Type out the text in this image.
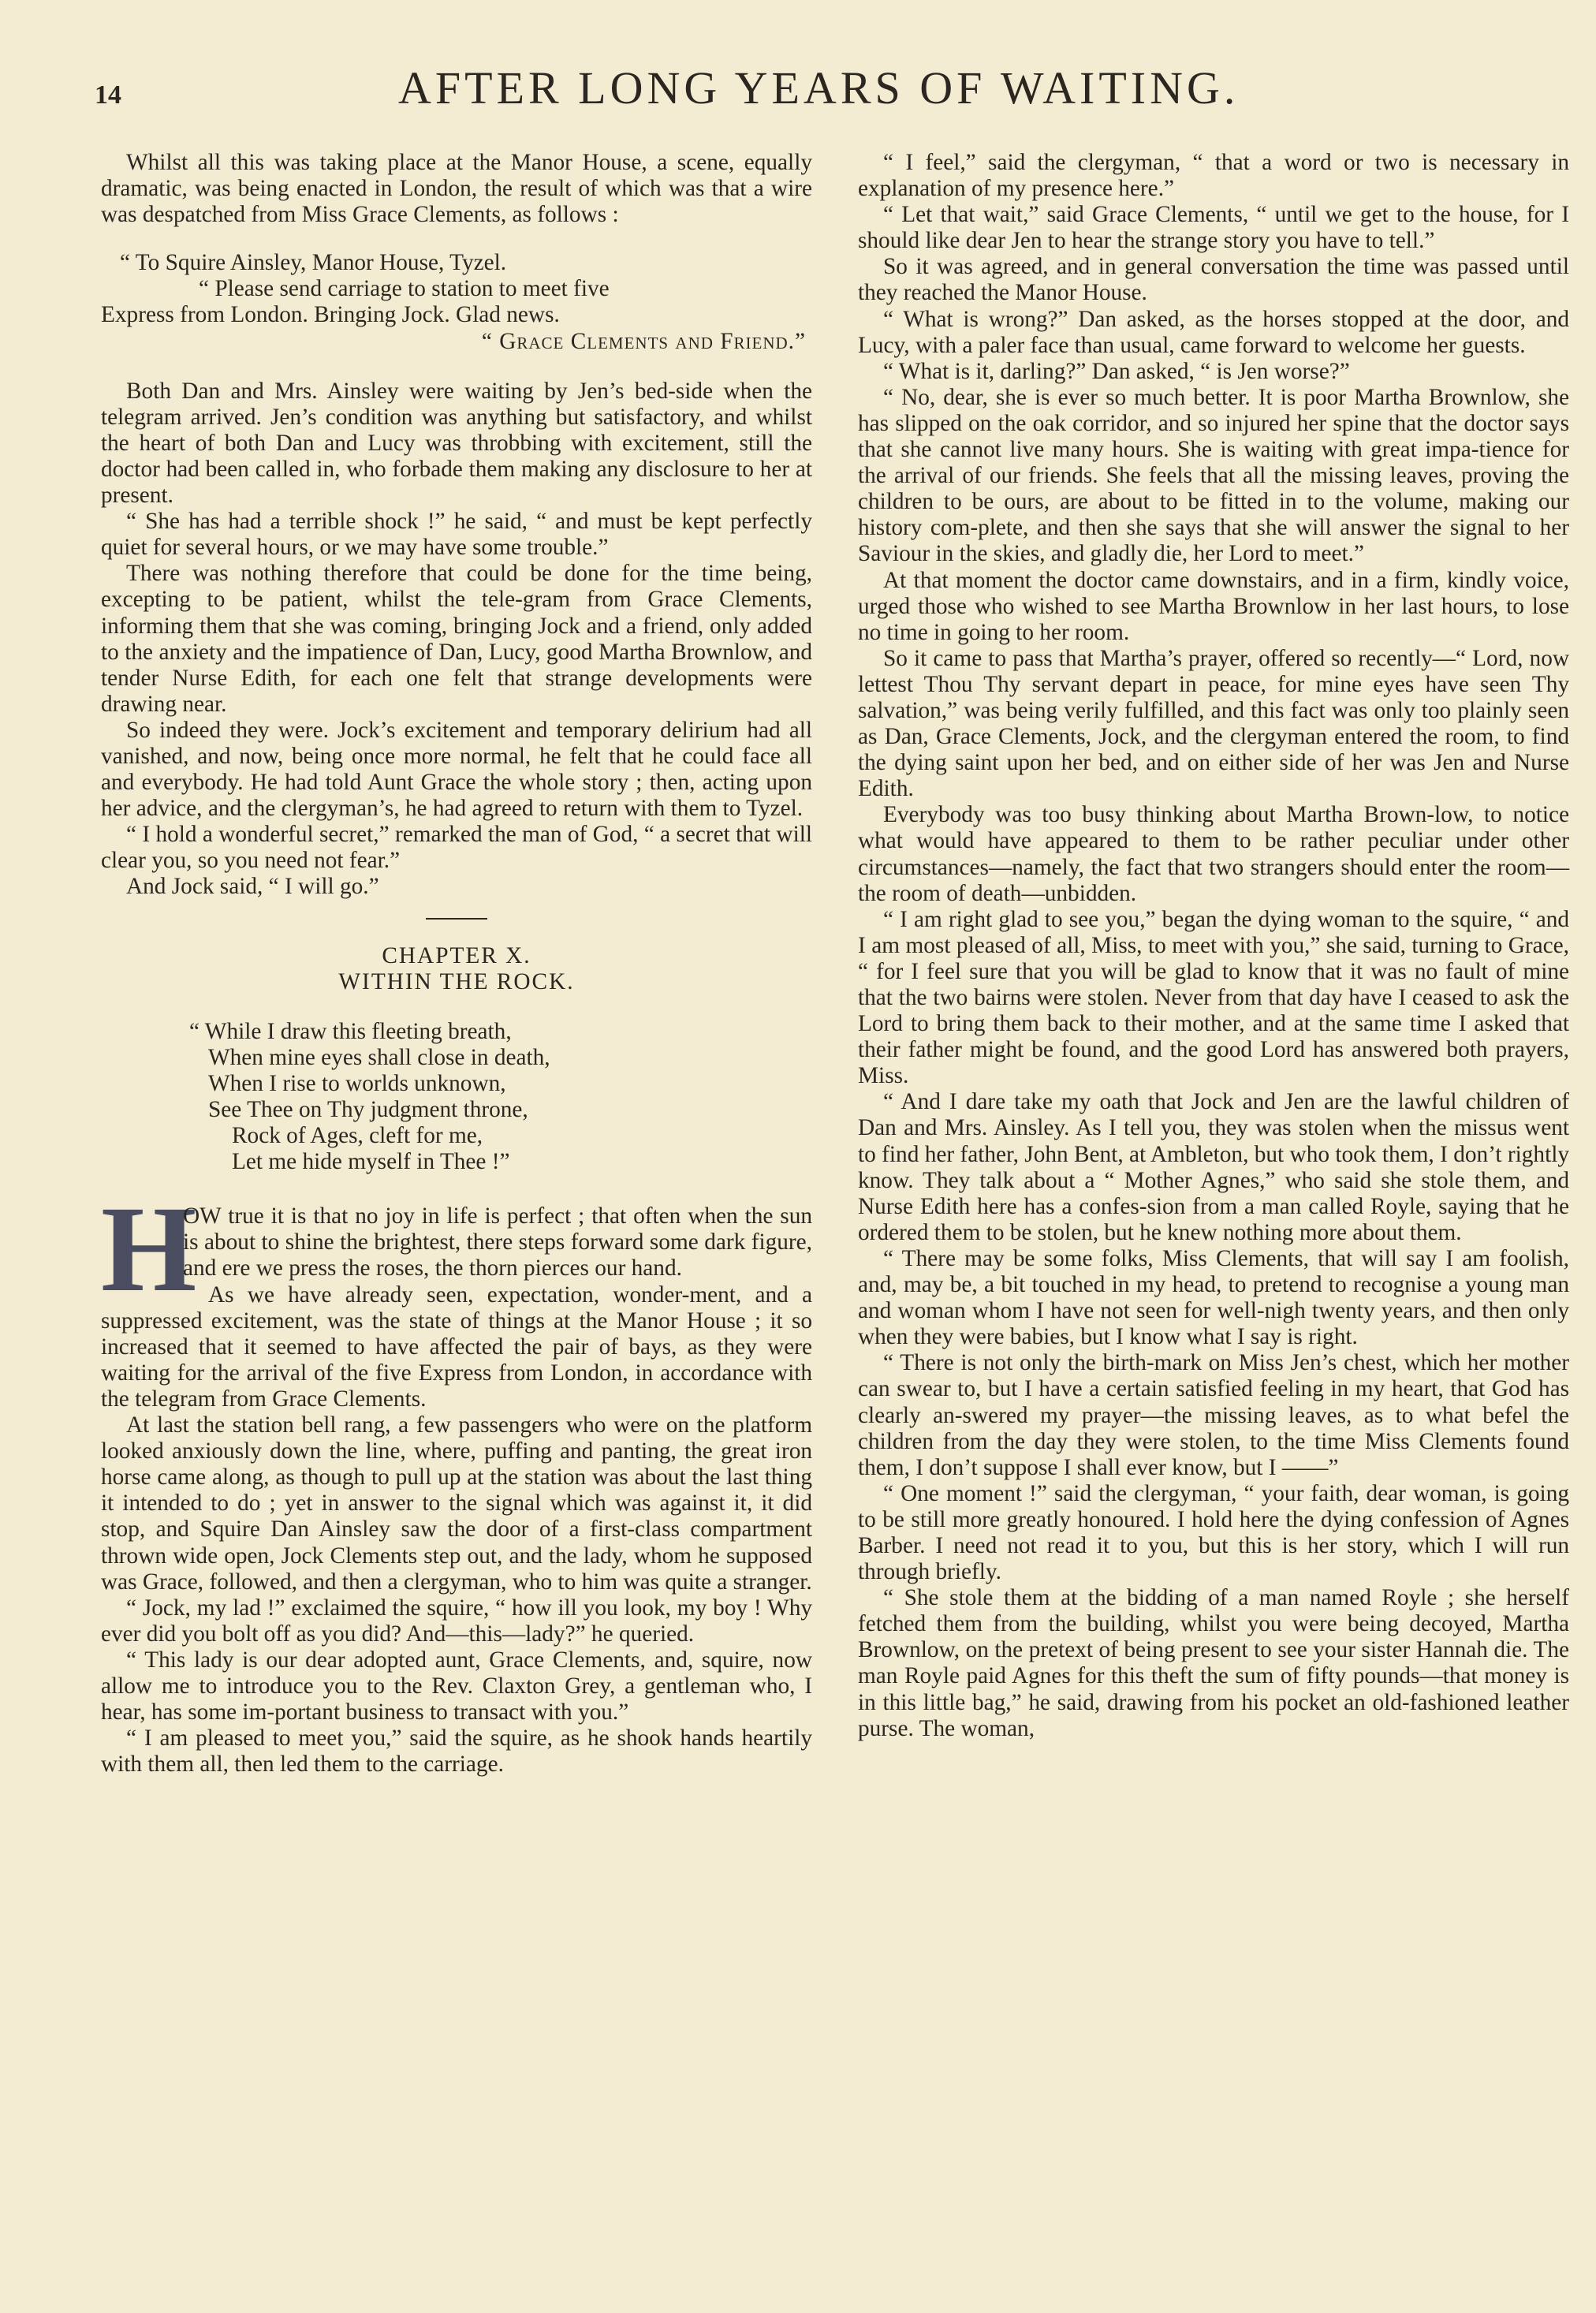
14	AFTER LONG YEARS OF WAITING.

Whilst all this was taking place at the Manor House, a scene, equally dramatic, was being enacted in London, the result of which was that a wire was despatched from Miss Grace Clements, as follows :

“ To Squire Ainsley, Manor House, Tyzel.
“ Please send carriage to station to meet five
Express from London. Bringing Jock. Glad news.
“ Grace Clements and Friend.”

Both Dan and Mrs. Ainsley were waiting by Jen’s bed-side when the telegram arrived. Jen’s condition was anything but satisfactory, and whilst the heart of both Dan and Lucy was throbbing with excitement, still the doctor had been called in, who forbade them making any disclosure to her at present.

“ She has had a terrible shock !” he said, “ and must be kept perfectly quiet for several hours, or we may have some trouble.”

There was nothing therefore that could be done for the time being, excepting to be patient, whilst the tele-gram from Grace Clements, informing them that she was coming, bringing Jock and a friend, only added to the anxiety and the impatience of Dan, Lucy, good Martha Brownlow, and tender Nurse Edith, for each one felt that strange developments were drawing near.

So indeed they were. Jock’s excitement and temporary delirium had all vanished, and now, being once more normal, he felt that he could face all and everybody. He had told Aunt Grace the whole story ; then, acting upon her advice, and the clergyman’s, he had agreed to return with them to Tyzel.

“ I hold a wonderful secret,” remarked the man of God, “ a secret that will clear you, so you need not fear.”

And Jock said, “ I will go.”

CHAPTER X.
WITHIN THE ROCK.
“ While I draw this fleeting breath,
When mine eyes shall close in death,
When I rise to worlds unknown,
See Thee on Thy judgment throne,
Rock of Ages, cleft for me,
Let me hide myself in Thee !”
H

OW true it is that no joy in life is perfect ; that often when the sun is about to shine the brightest, there steps forward some dark figure, and ere we press the roses, the thorn pierces our hand.

As we have already seen, expectation, wonder-ment, and a suppressed excitement, was the state of things at the Manor House ; it so increased that it seemed to have affected the pair of bays, as they were waiting for the arrival of the five Express from London, in accordance with the telegram from Grace Clements.

At last the station bell rang, a few passengers who were on the platform looked anxiously down the line, where, puffing and panting, the great iron horse came along, as though to pull up at the station was about the last thing it intended to do ; yet in answer to the signal which was against it, it did stop, and Squire Dan Ainsley saw the door of a first-class compartment thrown wide open, Jock Clements step out, and the lady, whom he supposed was Grace, followed, and then a clergyman, who to him was quite a stranger.

“ Jock, my lad !” exclaimed the squire, “ how ill you look, my boy ! Why ever did you bolt off as you did? And—this—lady?” he queried.

“ This lady is our dear adopted aunt, Grace Clements, and, squire, now allow me to introduce you to the Rev. Claxton Grey, a gentleman who, I hear, has some im-portant business to transact with you.”

“ I am pleased to meet you,” said the squire, as he shook hands heartily with them all, then led them to the carriage.

“ I feel,” said the clergyman, “ that a word or two is necessary in explanation of my presence here.”

“ Let that wait,” said Grace Clements, “ until we get to the house, for I should like dear Jen to hear the strange story you have to tell.”

So it was agreed, and in general conversation the time was passed until they reached the Manor House.

“ What is wrong?” Dan asked, as the horses stopped at the door, and Lucy, with a paler face than usual, came forward to welcome her guests.

“ What is it, darling?” Dan asked, “ is Jen worse?”

“ No, dear, she is ever so much better. It is poor Martha Brownlow, she has slipped on the oak corridor, and so injured her spine that the doctor says that she cannot live many hours. She is waiting with great impa-tience for the arrival of our friends. She feels that all the missing leaves, proving the children to be ours, are about to be fitted in to the volume, making our history com-plete, and then she says that she will answer the signal to her Saviour in the skies, and gladly die, her Lord to meet.”

At that moment the doctor came downstairs, and in a firm, kindly voice, urged those who wished to see Martha Brownlow in her last hours, to lose no time in going to her room.

So it came to pass that Martha’s prayer, offered so recently—“ Lord, now lettest Thou Thy servant depart in peace, for mine eyes have seen Thy salvation,” was being verily fulfilled, and this fact was only too plainly seen as Dan, Grace Clements, Jock, and the clergyman entered the room, to find the dying saint upon her bed, and on either side of her was Jen and Nurse Edith.

Everybody was too busy thinking about Martha Brown-low, to notice what would have appeared to them to be rather peculiar under other circumstances—namely, the fact that two strangers should enter the room—the room of death—unbidden.

“ I am right glad to see you,” began the dying woman to the squire, “ and I am most pleased of all, Miss, to meet with you,” she said, turning to Grace, “ for I feel sure that you will be glad to know that it was no fault of mine that the two bairns were stolen. Never from that day have I ceased to ask the Lord to bring them back to their mother, and at the same time I asked that their father might be found, and the good Lord has answered both prayers, Miss.

“ And I dare take my oath that Jock and Jen are the lawful children of Dan and Mrs. Ainsley. As I tell you, they was stolen when the missus went to find her father, John Bent, at Ambleton, but who took them, I don’t rightly know. They talk about a “ Mother Agnes,” who said she stole them, and Nurse Edith here has a confes-sion from a man called Royle, saying that he ordered them to be stolen, but he knew nothing more about them.

“ There may be some folks, Miss Clements, that will say I am foolish, and, may be, a bit touched in my head, to pretend to recognise a young man and woman whom I have not seen for well-nigh twenty years, and then only when they were babies, but I know what I say is right.

“ There is not only the birth-mark on Miss Jen’s chest, which her mother can swear to, but I have a certain satisfied feeling in my heart, that God has clearly an-swered my prayer—the missing leaves, as to what befel the children from the day they were stolen, to the time Miss Clements found them, I don’t suppose I shall ever know, but I ——”

“ One moment !” said the clergyman, “ your faith, dear woman, is going to be still more greatly honoured. I hold here the dying confession of Agnes Barber. I need not read it to you, but this is her story, which I will run through briefly.

“ She stole them at the bidding of a man named Royle ; she herself fetched them from the building, whilst you were being decoyed, Martha Brownlow, on the pretext of being present to see your sister Hannah die. The man Royle paid Agnes for this theft the sum of fifty pounds—that money is in this little bag,” he said, drawing from his pocket an old-fashioned leather purse. The woman,
